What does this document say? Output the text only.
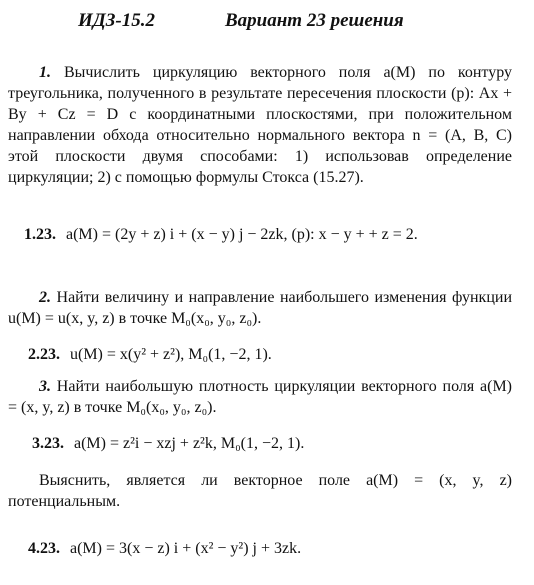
ИДЗ-15.2	Вариант 23 решения

1. Вычислить циркуляцию векторного поля a(M) по контуру треугольника, полученного в результате пересечения плоскости (p): Ax + By + Cz = D с координатными плоскостями, при положительном направлении обхода относительно нормального вектора n = (A, B, C) этой плоскости двумя способами: 1) использовав определение циркуляции; 2) с помощью формулы Стокса (15.27).

1.23. a(M) = (2y + z) i + (x − y) j − 2zk, (p): x − y + + z = 2.

2. Найти величину и направление наибольшего изменения функции u(M) = u(x, y, z) в точке M₀(x₀, y₀, z₀).

2.23. u(M) = x(y² + z²), M₀(1, −2, 1).

3. Найти наибольшую плотность циркуляции векторного поля a(M) = (x, y, z) в точке M₀(x₀, y₀, z₀).

3.23. a(M) = z²i − xzj + z²k, M₀(1, −2, 1).

Выяснить, является ли векторное поле a(M) = (x, y, z) потенциальным.

4.23. a(M) = 3(x − z) i + (x² − y²) j + 3zk.
